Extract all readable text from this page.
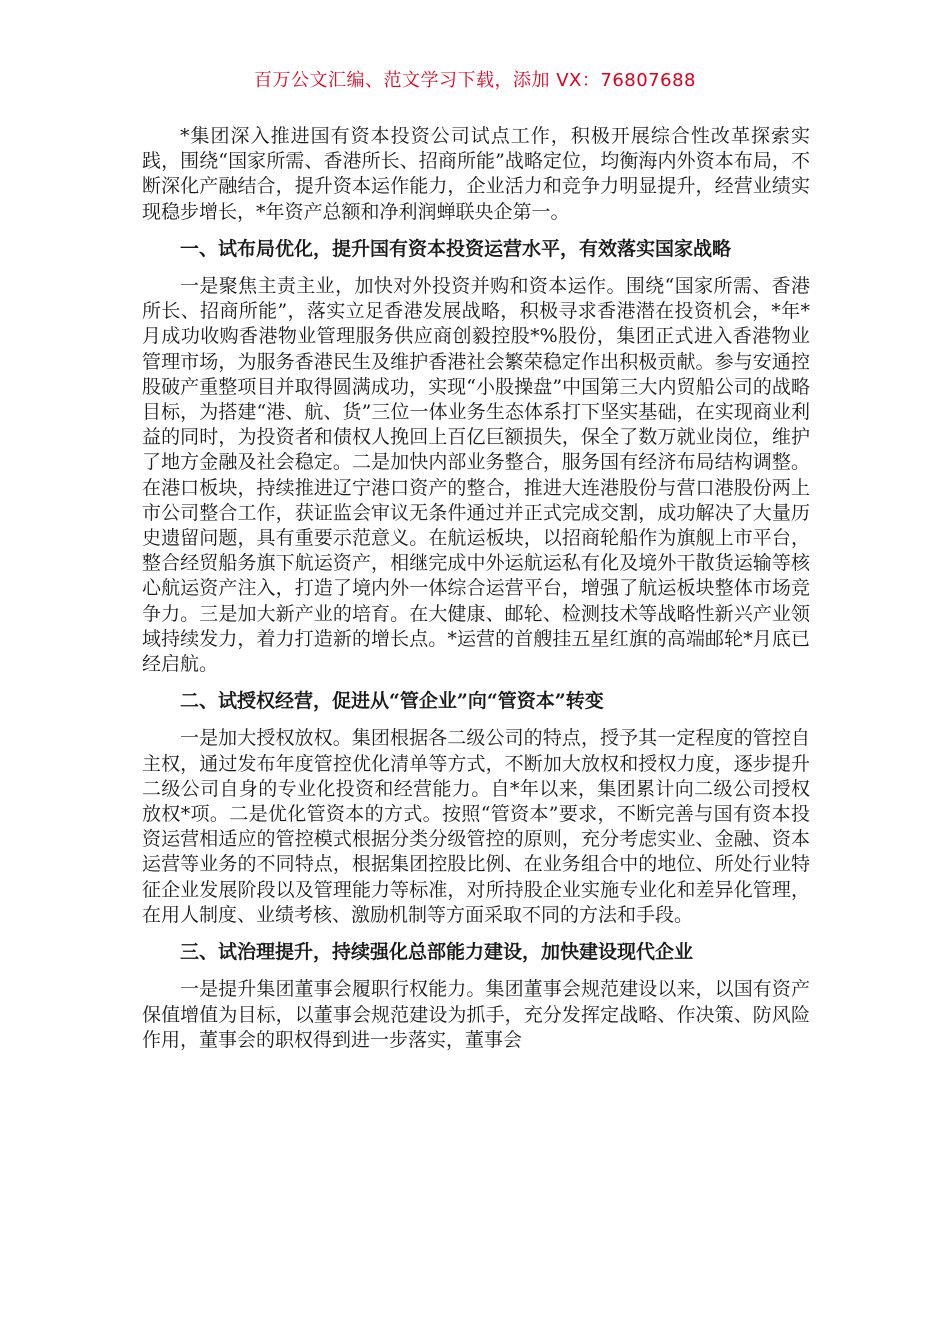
百万公文汇编、范文学习下载，添加 VX：76807688

*集团深入推进国有资本投资公司试点工作，积极开展综合性改革探索实践，围绕“国家所需、香港所长、招商所能”战略定位，均衡海内外资本布局，不断深化产融结合，提升资本运作能力，企业活力和竞争力明显提升，经营业绩实现稳步增长，*年资产总额和净利润蝉联央企第一。

一、试布局优化，提升国有资本投资运营水平，有效落实国家战略

一是聚焦主责主业，加快对外投资并购和资本运作。围绕“国家所需、香港所长、招商所能”，落实立足香港发展战略，积极寻求香港潜在投资机会，*年*月成功收购香港物业管理服务供应商创毅控股*%股份，集团正式进入香港物业管理市场，为服务香港民生及维护香港社会繁荣稳定作出积极贡献。参与安通控股破产重整项目并取得圆满成功，实现“小股操盘”中国第三大内贸船公司的战略目标，为搭建“港、航、货”三位一体业务生态体系打下坚实基础，在实现商业利益的同时，为投资者和债权人挽回上百亿巨额损失，保全了数万就业岗位，维护了地方金融及社会稳定。二是加快内部业务整合，服务国有经济布局结构调整。在港口板块，持续推进辽宁港口资产的整合，推进大连港股份与营口港股份两上市公司整合工作，获证监会审议无条件通过并正式完成交割，成功解决了大量历史遗留问题，具有重要示范意义。在航运板块，以招商轮船作为旗舰上市平台，整合经贸船务旗下航运资产，相继完成中外运航运私有化及境外干散货运输等核心航运资产注入，打造了境内外一体综合运营平台，增强了航运板块整体市场竞争力。三是加大新产业的培育。在大健康、邮轮、检测技术等战略性新兴产业领域持续发力，着力打造新的增长点。*运营的首艘挂五星红旗的高端邮轮*月底已经启航。

二、试授权经营，促进从“管企业”向“管资本”转变

一是加大授权放权。集团根据各二级公司的特点，授予其一定程度的管控自主权，通过发布年度管控优化清单等方式，不断加大放权和授权力度，逐步提升二级公司自身的专业化投资和经营能力。自*年以来，集团累计向二级公司授权放权*项。二是优化管资本的方式。按照“管资本”要求，不断完善与国有资本投资运营相适应的管控模式根据分类分级管控的原则，充分考虑实业、金融、资本运营等业务的不同特点，根据集团控股比例、在业务组合中的地位、所处行业特征企业发展阶段以及管理能力等标准，对所持股企业实施专业化和差异化管理，在用人制度、业绩考核、激励机制等方面采取不同的方法和手段。

三、试治理提升，持续强化总部能力建设，加快建设现代企业

一是提升集团董事会履职行权能力。集团董事会规范建设以来，以国有资产保值增值为目标，以董事会规范建设为抓手，充分发挥定战略、作决策、防风险作用，董事会的职权得到进一步落实，董事会
